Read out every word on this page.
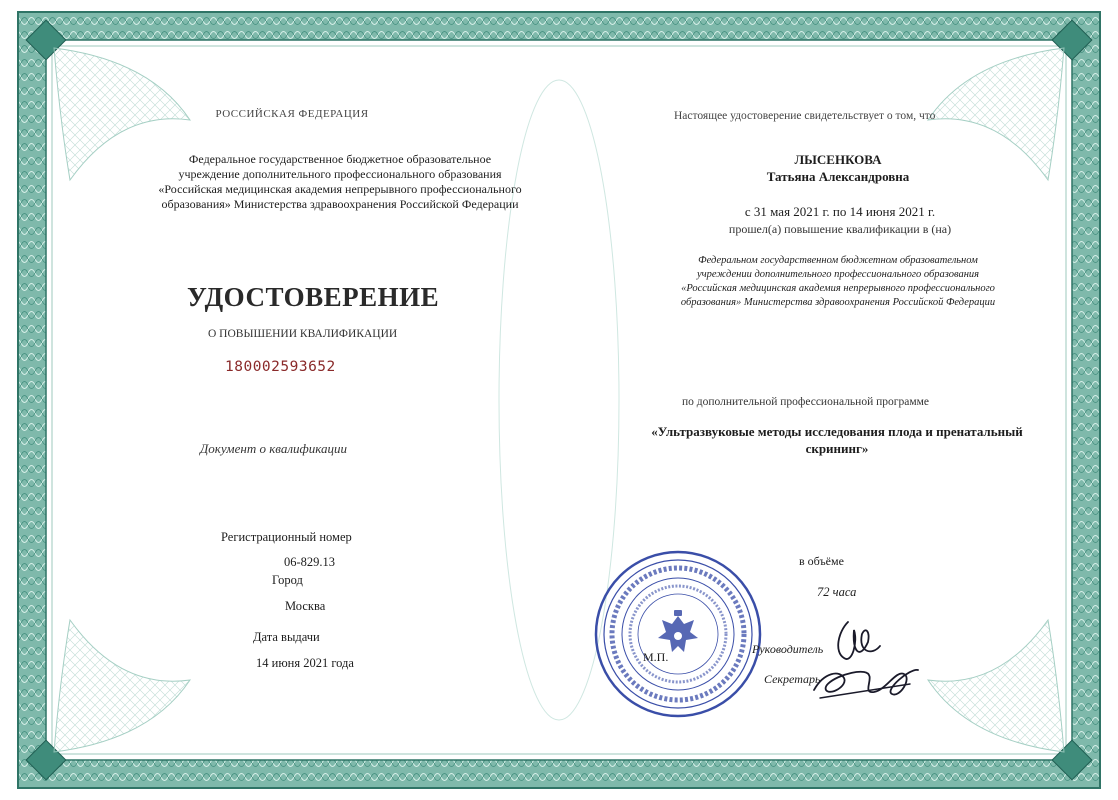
РОССИЙСКАЯ ФЕДЕРАЦИЯ
Федеральное государственное бюджетное образовательное
учреждение дополнительного профессионального образования
«Российская медицинская академия непрерывного профессионального
образования» Министерства здравоохранения Российской Федерации
УДОСТОВЕРЕНИЕ
О ПОВЫШЕНИИ КВАЛИФИКАЦИИ
180002593652
Документ о квалификации
Регистрационный номер
06-829.13
Город
Москва
Дата выдачи
14 июня 2021 года
Настоящее удостоверение свидетельствует о том, что
ЛЫСЕНКОВА
Татьяна Александровна
с 31 мая 2021 г. по 14 июня 2021 г.
прошел(а) повышение квалификации в (на)
Федеральном государственном бюджетном образовательном
учреждении дополнительного профессионального образования
«Российская медицинская академия непрерывного профессионального
образования» Министерства здравоохранения Российской Федерации
по дополнительной профессиональной программе
«Ультразвуковые методы исследования плода и пренатальный
скрининг»
в объёме
72 часа
М.П.
Руководитель
Секретарь
